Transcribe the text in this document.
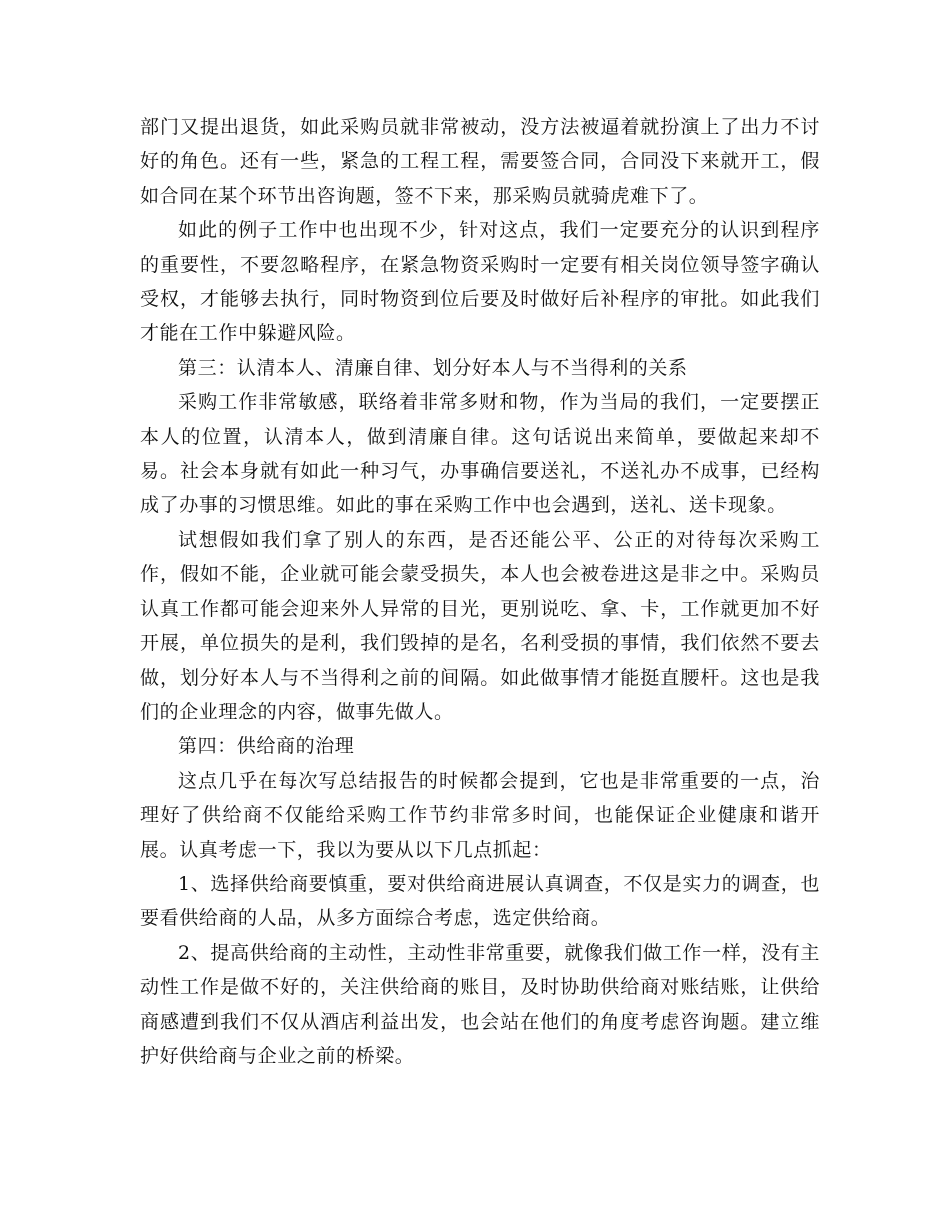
部门又提出退货，如此采购员就非常被动，没方法被逼着就扮演上了出力不讨好的角色。还有一些，紧急的工程工程，需要签合同，合同没下来就开工，假如合同在某个环节出咨询题，签不下来，那采购员就骑虎难下了。

如此的例子工作中也出现不少，针对这点，我们一定要充分的认识到程序的重要性，不要忽略程序，在紧急物资采购时一定要有相关岗位领导签字确认受权，才能够去执行，同时物资到位后要及时做好后补程序的审批。如此我们才能在工作中躲避风险。

第三：认清本人、清廉自律、划分好本人与不当得利的关系

采购工作非常敏感，联络着非常多财和物，作为当局的我们，一定要摆正本人的位置，认清本人，做到清廉自律。这句话说出来简单，要做起来却不易。社会本身就有如此一种习气，办事确信要送礼，不送礼办不成事，已经构成了办事的习惯思维。如此的事在采购工作中也会遇到，送礼、送卡现象。

试想假如我们拿了别人的东西，是否还能公平、公正的对待每次采购工作，假如不能，企业就可能会蒙受损失，本人也会被卷进这是非之中。采购员认真工作都可能会迎来外人异常的目光，更别说吃、拿、卡，工作就更加不好开展，单位损失的是利，我们毁掉的是名，名利受损的事情，我们依然不要去做，划分好本人与不当得利之前的间隔。如此做事情才能挺直腰杆。这也是我们的企业理念的内容，做事先做人。

第四：供给商的治理

这点几乎在每次写总结报告的时候都会提到，它也是非常重要的一点，治理好了供给商不仅能给采购工作节约非常多时间，也能保证企业健康和谐开展。认真考虑一下，我以为要从以下几点抓起：

1、选择供给商要慎重，要对供给商进展认真调查，不仅是实力的调查，也要看供给商的人品，从多方面综合考虑，选定供给商。

2、提高供给商的主动性，主动性非常重要，就像我们做工作一样，没有主动性工作是做不好的，关注供给商的账目，及时协助供给商对账结账，让供给商感遭到我们不仅从酒店利益出发，也会站在他们的角度考虑咨询题。建立维护好供给商与企业之前的桥梁。
